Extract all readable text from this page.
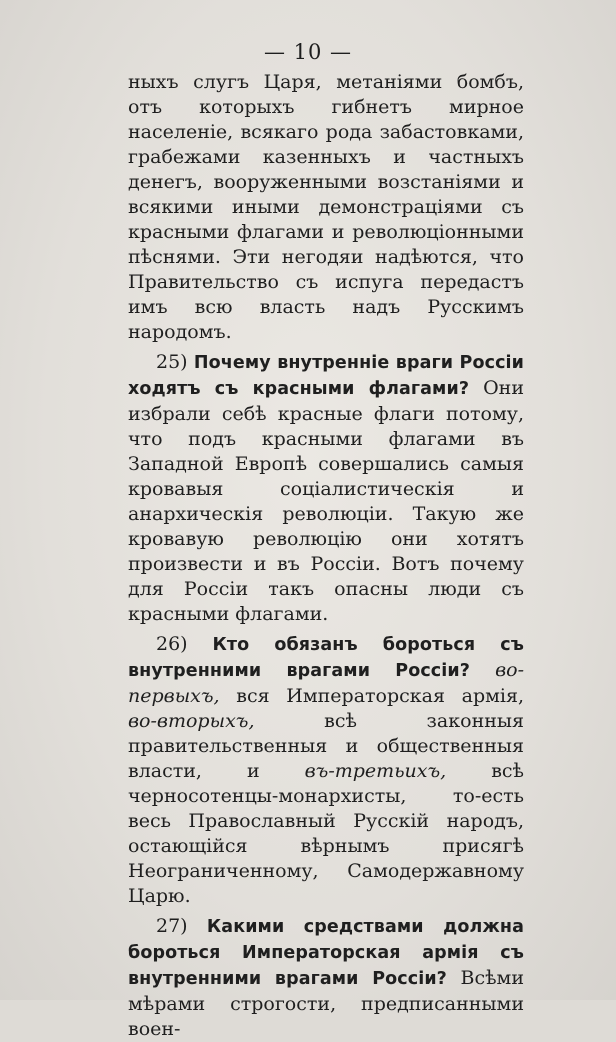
— 10 —

ныхъ слугъ Царя, метаніями бомбъ, отъ которыхъ гибнетъ мирное населеніе, всякаго рода забастовками, грабежами казенныхъ и частныхъ денегъ, вооруженными возстаніями и всякими иными демонстраціями съ красными флагами и революціонными пѣснями. Эти негодяи надѣются, что Правительство съ испуга передастъ имъ всю власть надъ Русскимъ народомъ.

25) Почему внутренніе враги Россіи ходятъ съ красными флагами? Они избрали себѣ красные флаги потому, что подъ красными флагами въ Западной Европѣ совершались самыя кровавыя соціалистическія и анархическія революціи. Такую же кровавую революцію они хотятъ произвести и въ Россіи. Вотъ почему для Россіи такъ опасны люди съ красными флагами.

26) Кто обязанъ бороться съ внутренними врагами Россіи? во-первыхъ, вся Императорская армія, во-вторыхъ,	всѣ законныя правительственныя и общественныя власти, и въ-третьихъ, всѣ черносотенцы-монархисты, то-есть весь Православный Русскій народъ, остающійся вѣрнымъ присягѣ Неограниченному, Самодержавному Царю.

27) Какими средствами должна бороться Императорская армія съ внутренними врагами Россіи? Всѣми мѣрами строгости, предписанными воен-
